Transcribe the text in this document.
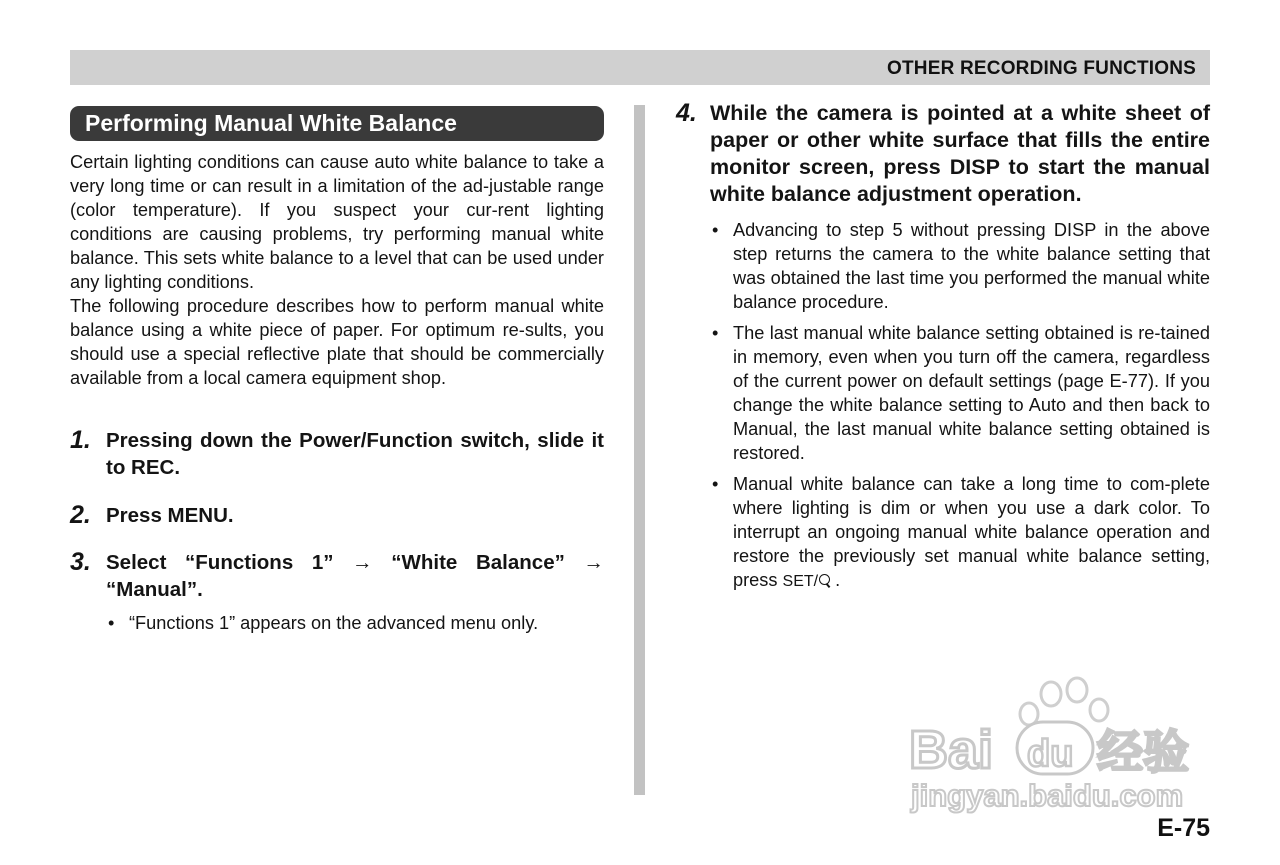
OTHER RECORDING FUNCTIONS
Performing Manual White Balance

Certain lighting conditions can cause auto white balance to take a very long time or can result in a limitation of the ad-justable range (color temperature). If you suspect your cur-rent lighting conditions are causing problems, try performing manual white balance. This sets white balance to a level that can be used under any lighting conditions.

The following procedure describes how to perform manual white balance using a white piece of paper. For optimum re-sults, you should use a special reflective plate that should be commercially available from a local camera equipment shop.

1. Pressing down the Power/Function switch, slide it to REC.
2. Press MENU.
3. Select “Functions 1” → “White Balance” → “Manual”.
• “Functions 1” appears on the advanced menu only.
4. While the camera is pointed at a white sheet of paper or other white surface that fills the entire monitor screen, press DISP to start the manual white balance adjustment operation.
• Advancing to step 5 without pressing DISP in the above step returns the camera to the white balance setting that was obtained the last time you performed the manual white balance procedure.
• The last manual white balance setting obtained is re-tained in memory, even when you turn off the camera, regardless of the current power on default settings (page E-77). If you change the white balance setting to Auto and then back to Manual, the last manual white balance setting obtained is restored.
• Manual white balance can take a long time to com-plete where lighting is dim or when you use a dark color. To interrupt an ongoing manual white balance operation and restore the previously set manual white balance setting, press SET/ .
Bai du 经验
jingyan.baidu.com
E-75
